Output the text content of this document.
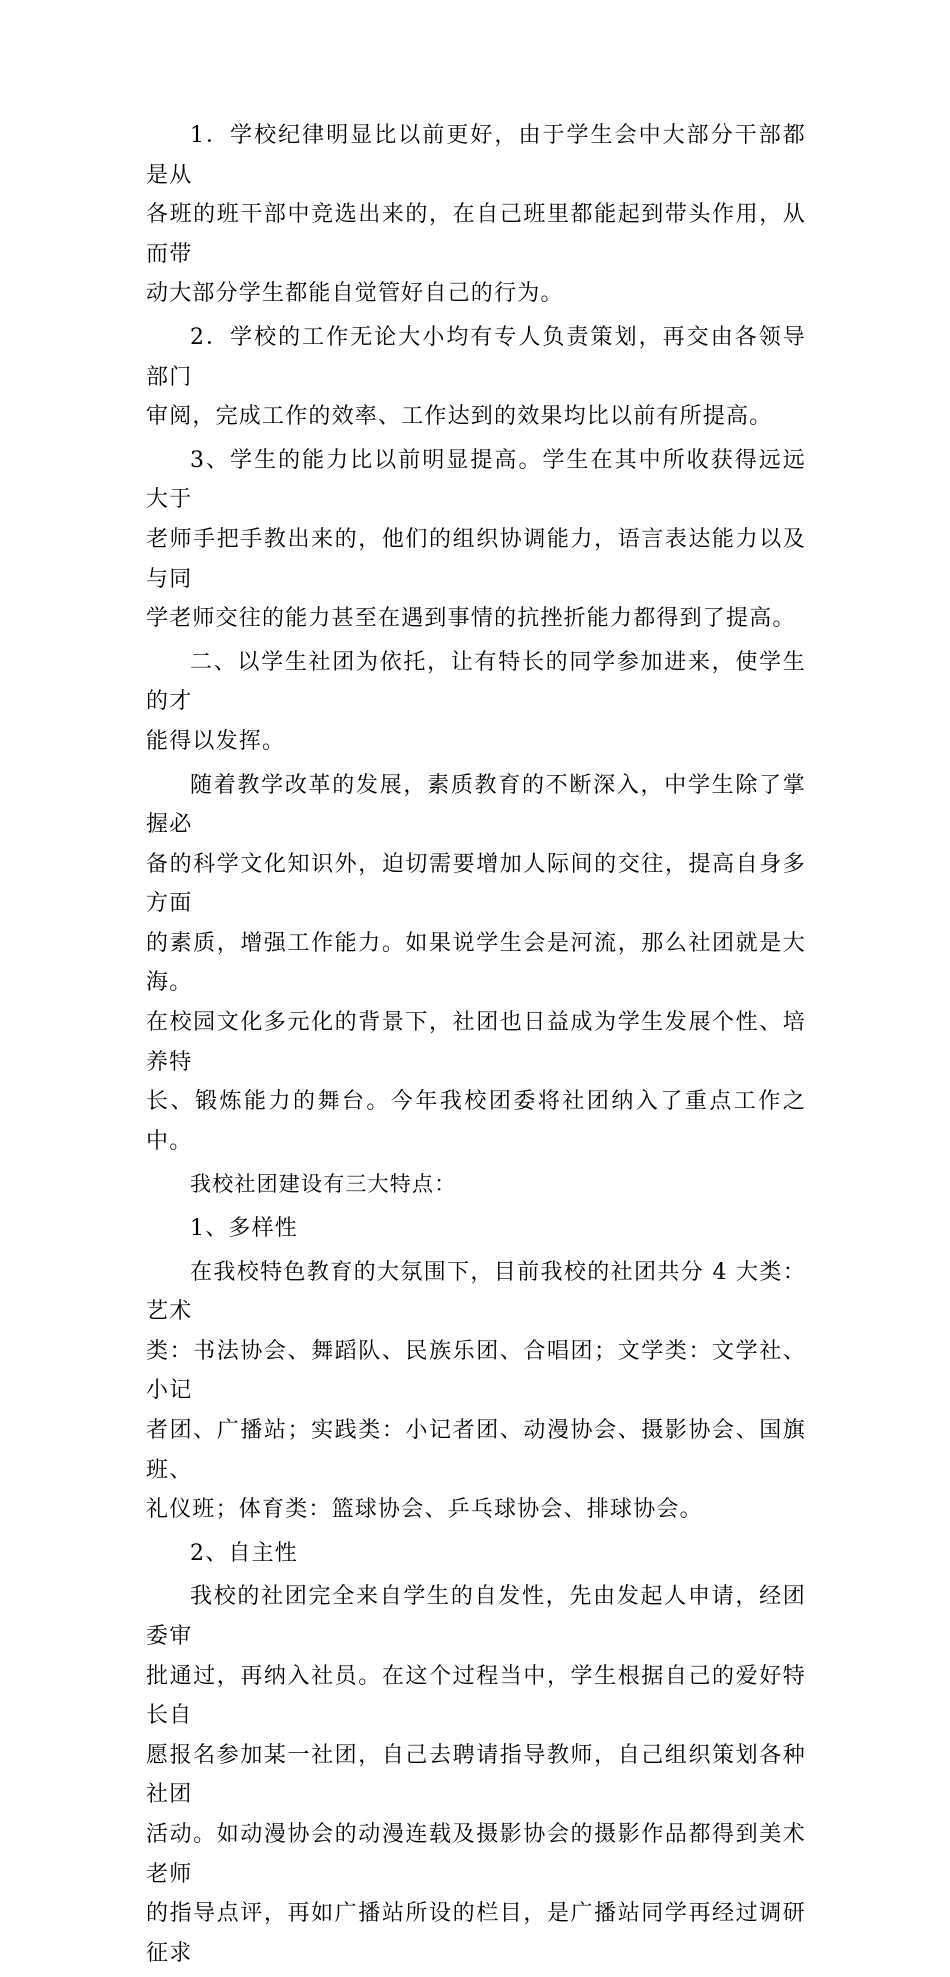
1．学校纪律明显比以前更好，由于学生会中大部分干部都是从
各班的班干部中竞选出来的，在自己班里都能起到带头作用，从而带
动大部分学生都能自觉管好自己的行为。

2．学校的工作无论大小均有专人负责策划，再交由各领导部门
审阅，完成工作的效率、工作达到的效果均比以前有所提高。

3、学生的能力比以前明显提高。学生在其中所收获得远远大于
老师手把手教出来的，他们的组织协调能力，语言表达能力以及与同
学老师交往的能力甚至在遇到事情的抗挫折能力都得到了提高。

二、以学生社团为依托，让有特长的同学参加进来，使学生的才
能得以发挥。

随着教学改革的发展，素质教育的不断深入，中学生除了掌握必
备的科学文化知识外，迫切需要增加人际间的交往，提高自身多方面
的素质，增强工作能力。如果说学生会是河流，那么社团就是大海。
在校园文化多元化的背景下，社团也日益成为学生发展个性、培养特
长、锻炼能力的舞台。今年我校团委将社团纳入了重点工作之中。

我校社团建设有三大特点：

1、多样性

在我校特色教育的大氛围下，目前我校的社团共分 4 大类：艺术
类：书法协会、舞蹈队、民族乐团、合唱团；文学类：文学社、小记
者团、广播站；实践类：小记者团、动漫协会、摄影协会、国旗班、
礼仪班；体育类：篮球协会、乒乓球协会、排球协会。

2、自主性

我校的社团完全来自学生的自发性，先由发起人申请，经团委审
批通过，再纳入社员。在这个过程当中，学生根据自己的爱好特长自
愿报名参加某一社团，自己去聘请指导教师，自己组织策划各种社团
活动。如动漫协会的动漫连载及摄影协会的摄影作品都得到美术老师
的指导点评，再如广播站所设的栏目，是广播站同学再经过调研征求
